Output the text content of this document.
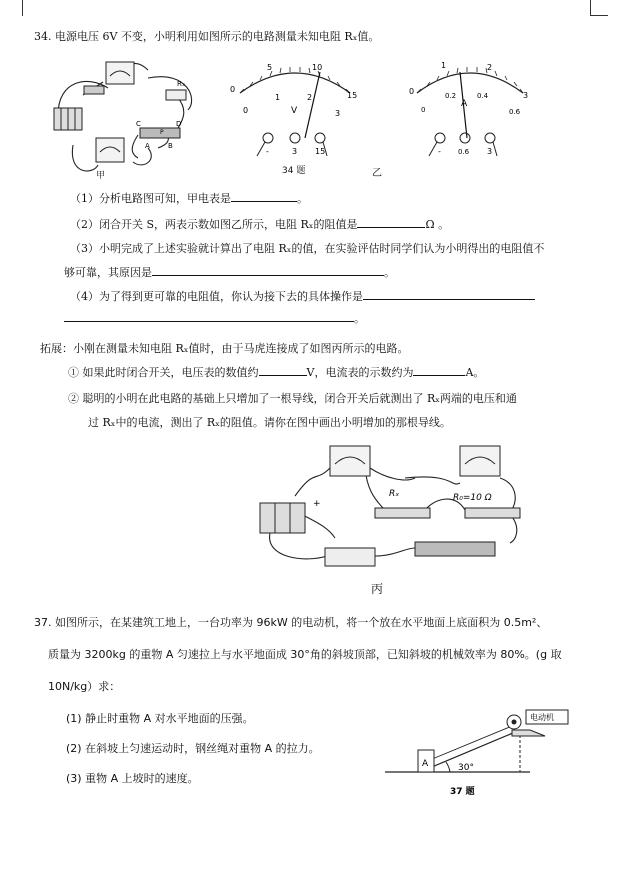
34. 电源电压 6V 不变，小明利用如图所示的电路测量未知电阻 Rₓ值。
Rₓ
C	D
A	B
P
甲
0
5	10
15
0
1	2
3
V
-	3 15
1	2
3
0
0
0.2	0.4
0.6
A
- 0.6 3
34 题	乙
（1）分析电路图可知，甲电表是	。
（2）闭合开关 S，两表示数如图乙所示，电阻 Rₓ的阻值是	Ω 。
（3）小明完成了上述实验就计算出了电阻 Rₓ的值，在实验评估时同学们认为小明得出的电阻值不
够可靠，其原因是	。
（4）为了得到更可靠的电阻值，你认为接下去的具体操作是
。
拓展：小刚在测量未知电阻 Rₓ值时，由于马虎连接成了如图丙所示的电路。
① 如果此时闭合开关，电压表的数值约	V，电流表的示数约为	A。
② 聪明的小明在此电路的基础上只增加了一根导线，闭合开关后就测出了 Rₓ两端的电压和通
过 Rₓ中的电流，测出了 Rₓ的阻值。请你在图中画出小明增加的那根导线。
Rₓ	R₀=10 Ω
+
丙
37. 如图所示，在某建筑工地上，一台功率为 96kW 的电动机，将一个放在水平地面上底面积为 0.5m²、
质量为 3200kg 的重物 A 匀速拉上与水平地面成 30°角的斜坡顶部，已知斜坡的机械效率为 80%。(g 取
10N/kg）求：
(1) 静止时重物 A 对水平地面的压强。
(2) 在斜坡上匀速运动时，钢丝绳对重物 A 的拉力。
(3) 重物 A 上坡时的速度。
电动机
A	30°
37 题
